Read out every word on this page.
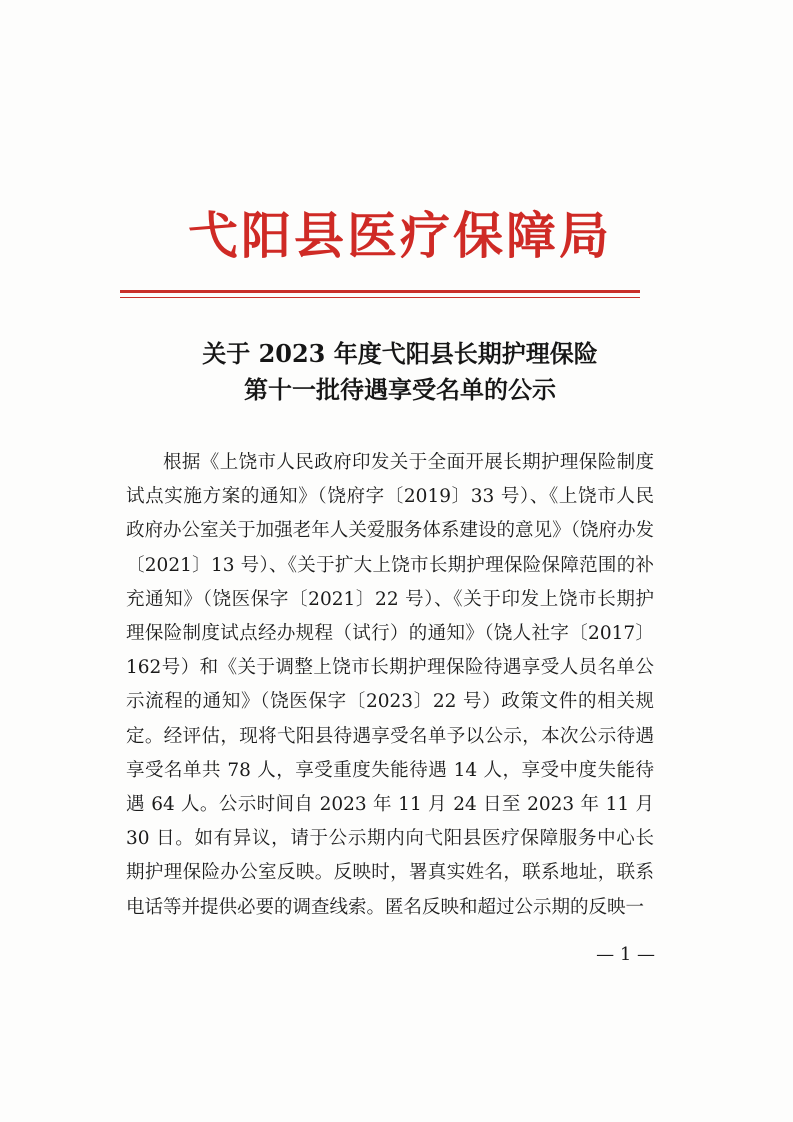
弋阳县医疗保障局
关于 2023 年度弋阳县长期护理保险
第十一批待遇享受名单的公示

根据《上饶市人民政府印发关于全面开展长期护理保险制度试点实施方案的通知》（饶府字〔2019〕33 号）、《上饶市人民政府办公室关于加强老年人关爱服务体系建设的意见》（饶府办发〔2021〕13 号）、《关于扩大上饶市长期护理保险保障范围的补充通知》（饶医保字〔2021〕22 号）、《关于印发上饶市长期护理保险制度试点经办规程（试行）的通知》（饶人社字〔2017〕162号）和《关于调整上饶市长期护理保险待遇享受人员名单公示流程的通知》（饶医保字〔2023〕22 号）政策文件的相关规定。经评估，现将弋阳县待遇享受名单予以公示，本次公示待遇享受名单共 78 人，享受重度失能待遇 14 人，享受中度失能待遇 64 人。公示时间自 2023 年 11 月 24 日至 2023 年 11 月 30 日。如有异议，请于公示期内向弋阳县医疗保障服务中心长期护理保险办公室反映。反映时，署真实姓名，联系地址，联系电话等并提供必要的调查线索。匿名反映和超过公示期的反映一

— 1 —
